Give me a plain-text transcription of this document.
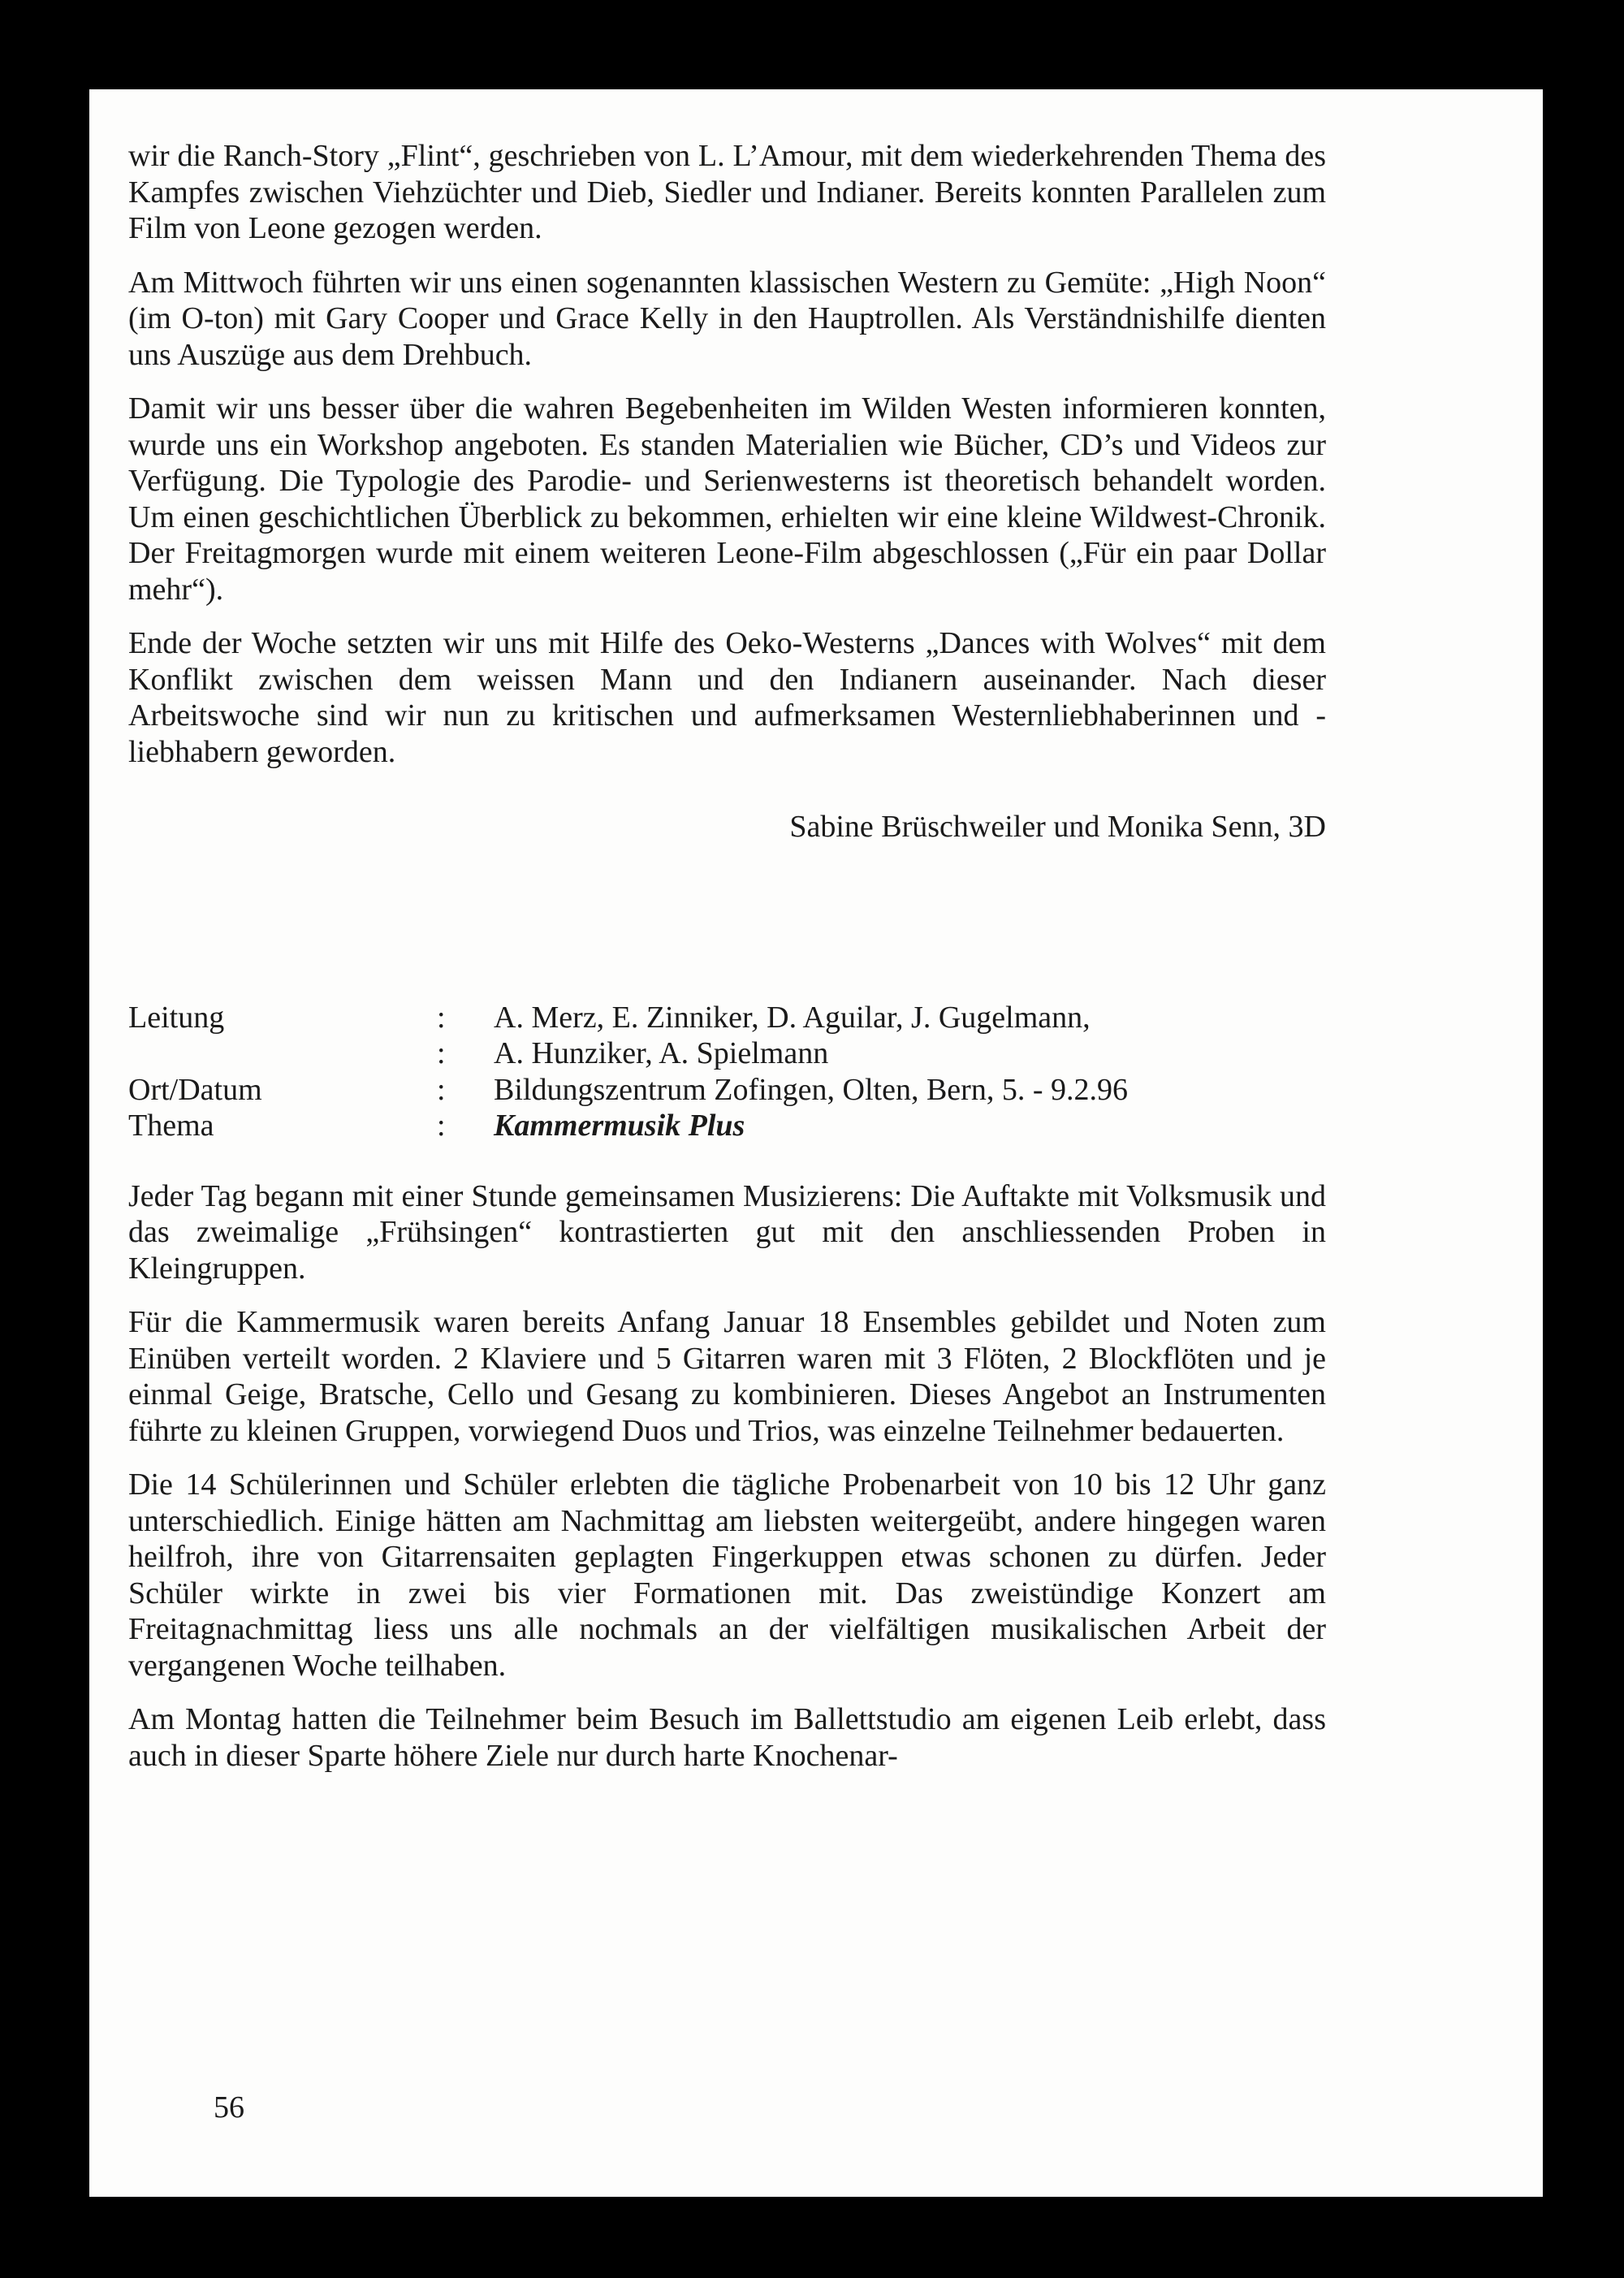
wir die Ranch-Story „Flint“, geschrieben von L. L’Amour, mit dem wiederkehrenden Thema des Kampfes zwischen Viehzüchter und Dieb, Siedler und Indianer. Bereits konnten Parallelen zum Film von Leone gezogen werden.

Am Mittwoch führten wir uns einen sogenannten klassischen Western zu Gemüte: „High Noon“ (im O-ton) mit Gary Cooper und Grace Kelly in den Hauptrollen. Als Verständnishilfe dienten uns Auszüge aus dem Drehbuch.

Damit wir uns besser über die wahren Begebenheiten im Wilden Westen informieren konnten, wurde uns ein Workshop angeboten. Es standen Materialien wie Bücher, CD’s und Videos zur Verfügung. Die Typologie des Parodie- und Serienwesterns ist theoretisch behandelt worden. Um einen geschichtlichen Überblick zu bekommen, erhielten wir eine kleine Wildwest-Chronik. Der Freitagmorgen wurde mit einem weiteren Leone-Film abgeschlossen („Für ein paar Dollar mehr“).

Ende der Woche setzten wir uns mit Hilfe des Oeko-Westerns „Dances with Wolves“ mit dem Konflikt zwischen dem weissen Mann und den Indianern auseinander. Nach dieser Arbeitswoche sind wir nun zu kritischen und aufmerksamen Westernliebhaberinnen und -liebhabern geworden.

Sabine Brüschweiler und Monika Senn, 3D

Leitung	:	A. Merz, E. Zinniker, D. Aguilar, J. Gugelmann,
:	A. Hunziker, A. Spielmann
Ort/Datum	:	Bildungszentrum Zofingen, Olten, Bern, 5. - 9.2.96
Thema	:	Kammermusik Plus

Jeder Tag begann mit einer Stunde gemeinsamen Musizierens: Die Auftakte mit Volksmusik und das zweimalige „Frühsingen“ kontrastierten gut mit den anschliessenden Proben in Kleingruppen.

Für die Kammermusik waren bereits Anfang Januar 18 Ensembles gebildet und Noten zum Einüben verteilt worden. 2 Klaviere und 5 Gitarren waren mit 3 Flöten, 2 Blockflöten und je einmal Geige, Bratsche, Cello und Gesang zu kombinieren. Dieses Angebot an Instrumenten führte zu kleinen Gruppen, vorwiegend Duos und Trios, was einzelne Teilnehmer bedauerten.

Die 14 Schülerinnen und Schüler erlebten die tägliche Probenarbeit von 10 bis 12 Uhr ganz unterschiedlich. Einige hätten am Nachmittag am liebsten weitergeübt, andere hingegen waren heilfroh, ihre von Gitarrensaiten geplagten Fingerkuppen etwas schonen zu dürfen. Jeder Schüler wirkte in zwei bis vier Formationen mit. Das zweistündige Konzert am Freitagnachmittag liess uns alle nochmals an der vielfältigen musikalischen Arbeit der vergangenen Woche teilhaben.

Am Montag hatten die Teilnehmer beim Besuch im Ballettstudio am eigenen Leib erlebt, dass auch in dieser Sparte höhere Ziele nur durch harte Knochenar-

56
